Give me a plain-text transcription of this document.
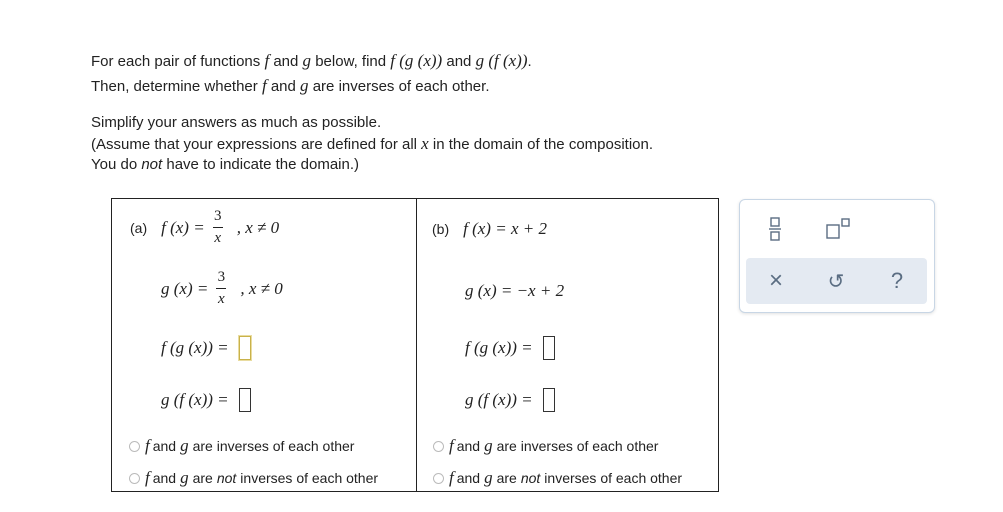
For each pair of functions f and g below, find f (g (x)) and g (f (x)).
Then, determine whether f and g are inverses of each other.
Simplify your answers as much as possible.
(Assume that your expressions are defined for all x in the domain of the composition.
You do not have to indicate the domain.)
(a) f $(x) = \frac{3}{x}$ , x ≠ 0
g $(x) = \frac{3}{x}$ , x ≠ 0
f (g (x)) =
g (f (x)) =
f and g are inverses of each other
f and g are not inverses of each other
(b) f (x) = x + 2
g (x) = −x + 2
f (g (x)) =
g (f (x)) =
f and g are inverses of each other
f and g are not inverses of each other
× ↺ ?
